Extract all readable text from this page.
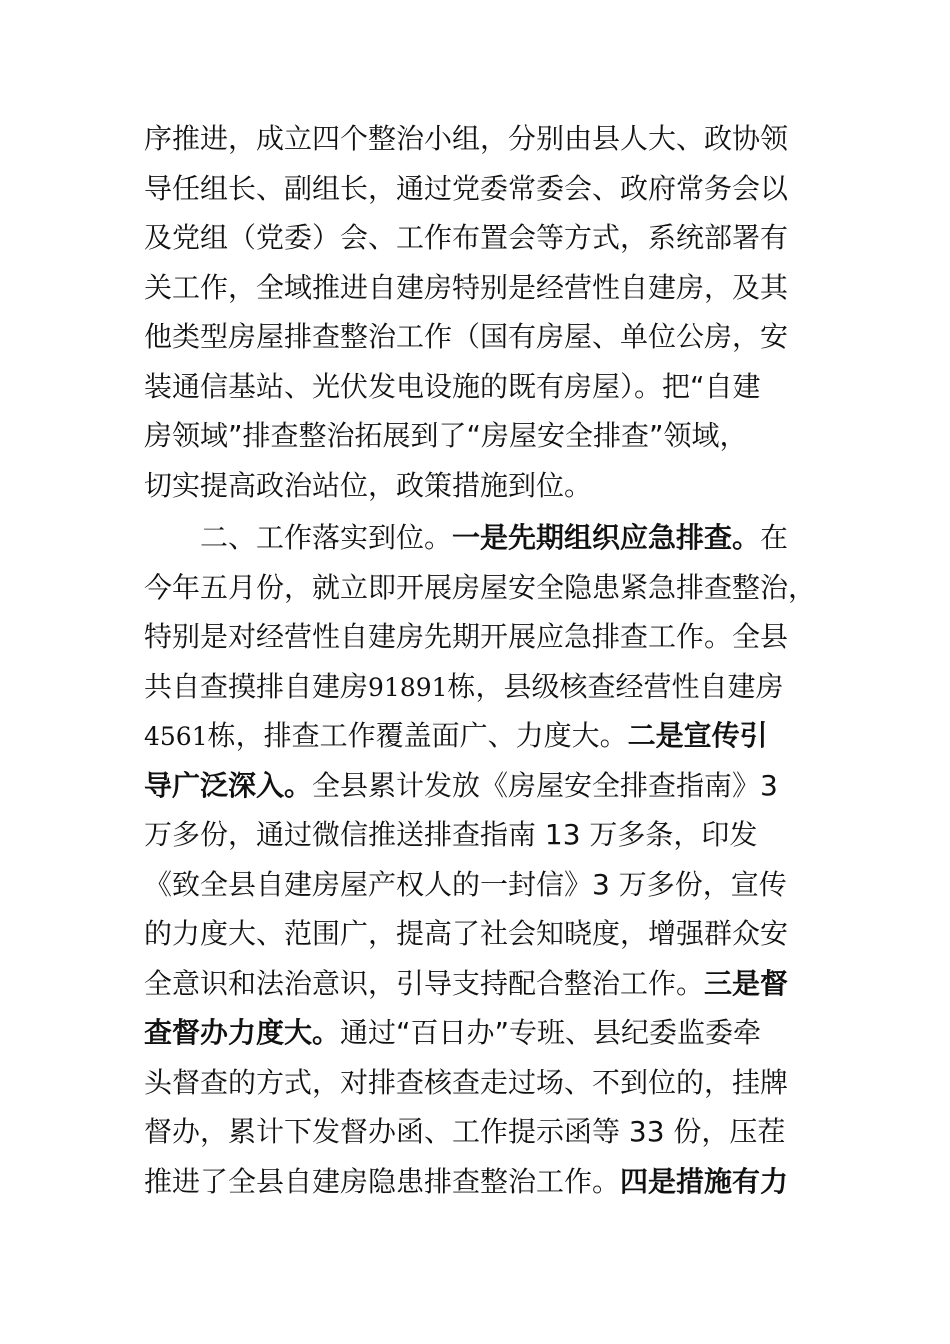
序推进，成立四个整治小组，分别由县人大、政协领
导任组长、副组长，通过党委常委会、政府常务会以
及党组（党委）会、工作布置会等方式，系统部署有
关工作，全域推进自建房特别是经营性自建房，及其
他类型房屋排查整治工作（国有房屋、单位公房，安
装通信基站、光伏发电设施的既有房屋）。把“自建
房领域”排查整治拓展到了“房屋安全排查”领域，
切实提高政治站位，政策措施到位。
二、工作落实到位。一是先期组织应急排查。在
今年五月份，就立即开展房屋安全隐患紧急排查整治，
特别是对经营性自建房先期开展应急排查工作。全县
共自查摸排自建房91891栋，县级核查经营性自建房
4561栋，排查工作覆盖面广、力度大。二是宣传引
导广泛深入。全县累计发放《房屋安全排查指南》3
万多份，通过微信推送排查指南 13 万多条，印发
《致全县自建房屋产权人的一封信》3 万多份，宣传
的力度大、范围广，提高了社会知晓度，增强群众安
全意识和法治意识，引导支持配合整治工作。三是督
查督办力度大。通过“百日办”专班、县纪委监委牵
头督查的方式，对排查核查走过场、不到位的，挂牌
督办，累计下发督办函、工作提示函等 33 份，压茬
推进了全县自建房隐患排查整治工作。四是措施有力
